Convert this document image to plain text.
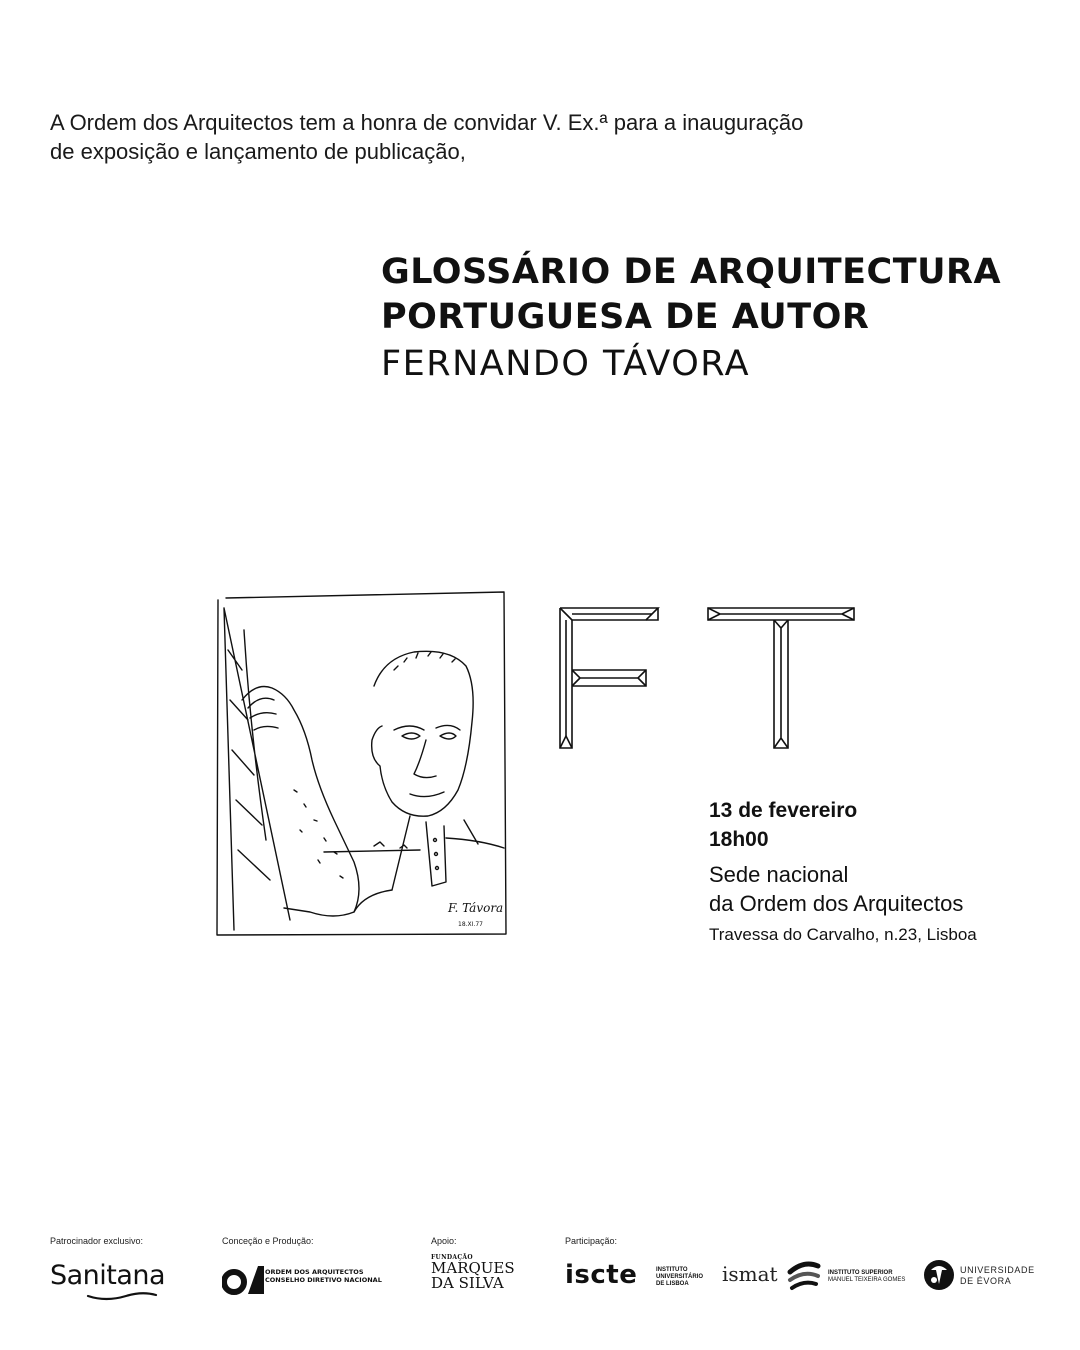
A Ordem dos Arquitectos tem a honra de convidar V. Ex.ª para a inauguração
de exposição e lançamento de publicação,
GLOSSÁRIO DE ARQUITECTURA
PORTUGUESA DE AUTOR
FERNANDO TÁVORA
F. Távora
18.XI.77
13 de fevereiro
18h00
Sede nacional
da Ordem dos Arquitectos
Travessa do Carvalho, n.23, Lisboa
Patrocinador exclusivo:	Conceção e Produção:	Apoio:	Participação:
Sanitana	ORDEM DOS ARQUITECTOS
CONSELHO DIRETIVO NACIONAL
FUNDAÇÃO
MARQUES
DA SILVA	iscte	INSTITUTO
UNIVERSITÁRIO
DE LISBOA	ismat	INSTITUTO SUPERIOR
MANUEL TEIXEIRA GOMES
UNIVERSIDADE
DE ÉVORA
